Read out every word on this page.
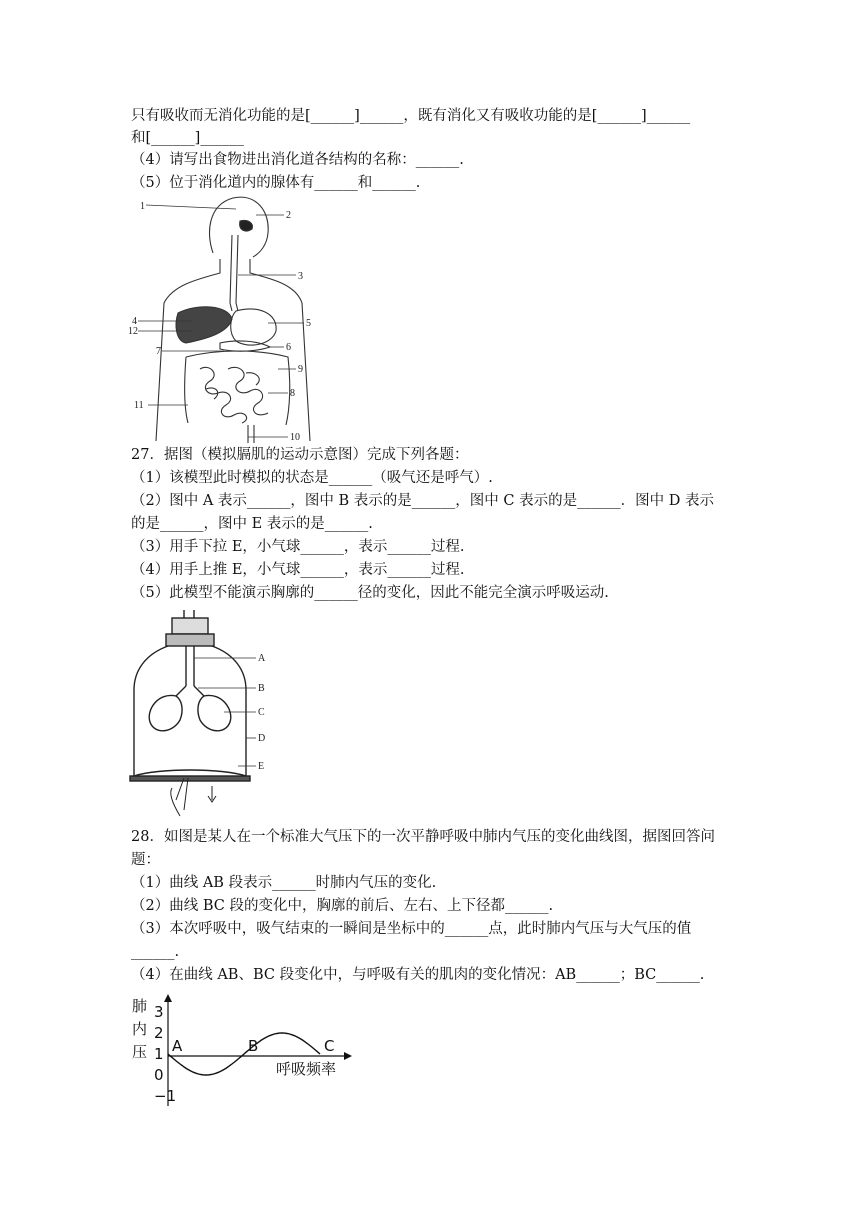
只有吸收而无消化功能的是[______]______，既有消化又有吸收功能的是[______]______
和[______]______
（4）请写出食物进出消化道各结构的名称：______.
（5）位于消化道内的腺体有______和______.
1
2
3
4
12
5
7	6
9
8
11
10
27．据图（模拟膈肌的运动示意图）完成下列各题：
（1）该模型此时模拟的状态是______（吸气还是呼气）.
（2）图中 A 表示______，图中 B 表示的是______，图中 C 表示的是______．图中 D 表示
的是______，图中 E 表示的是______.
（3）用手下拉 E，小气球______，表示______过程.
（4）用手上推 E，小气球______，表示______过程.
（5）此模型不能演示胸廓的______径的变化，因此不能完全演示呼吸运动.
A
B
C
D
E
28．如图是某人在一个标准大气压下的一次平静呼吸中肺内气压的变化曲线图，据图回答问
题：
（1）曲线 AB 段表示______时肺内气压的变化.
（2）曲线 BC 段的变化中，胸廓的前后、左右、上下径都______.
（3）本次呼吸中，吸气结束的一瞬间是坐标中的______点，此时肺内气压与大气压的值
______.
（4）在曲线 AB、BC 段变化中，与呼吸有关的肌肉的变化情况：AB______；BC______.
肺
内
压
3
2
1
0
−1
A	B	C
呼吸频率
